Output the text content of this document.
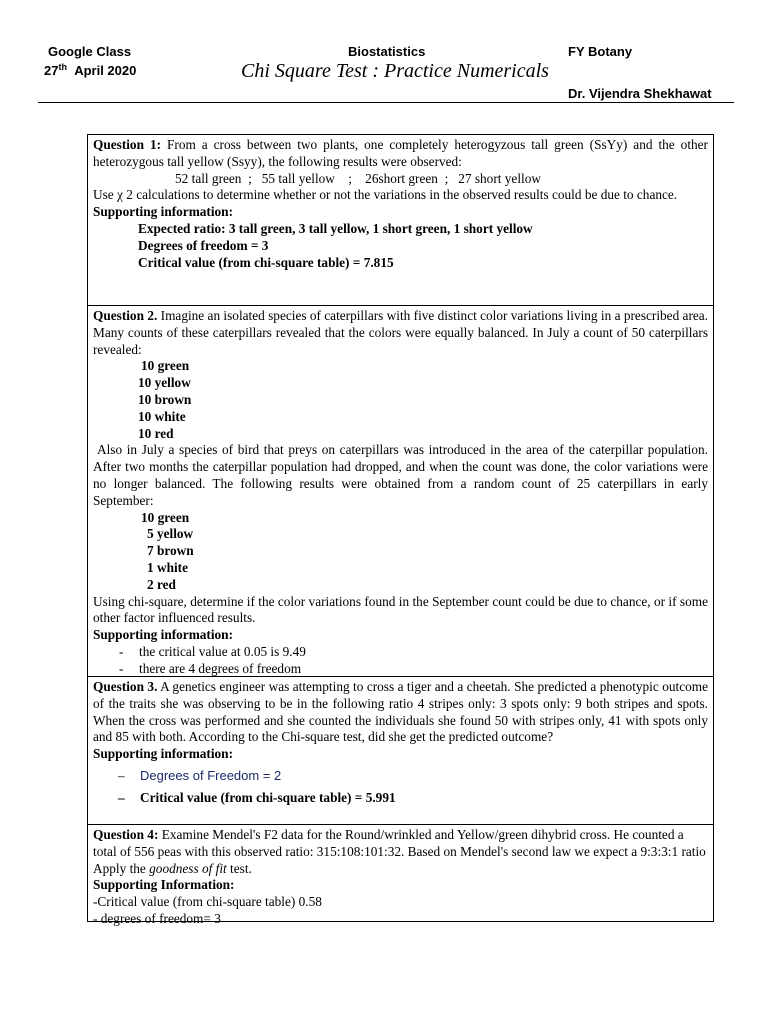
Google Class
27th April 2020
Biostatistics	FY Botany
Chi Square Test : Practice Numericals
Dr. Vijendra Shekhawat

Question 1: From a cross between two plants, one completely heterogyzous tall green (SsYy) and the other heterozygous tall yellow (Ssyy), the following results were observed:

52 tall green  ;   55 tall yellow    ;    26short green  ;   27 short yellow

Use χ 2 calculations to determine whether or not the variations in the observed results could be due to chance.

Supporting information:

Expected ratio: 3 tall green, 3 tall yellow, 1 short green, 1 short yellow

Degrees of freedom = 3

Critical value (from chi-square table) = 7.815

Question 2. Imagine an isolated species of caterpillars with five distinct color variations living in a prescribed area. Many counts of these caterpillars revealed that the colors were equally balanced. In July a count of 50 caterpillars revealed:

10 green

10 yellow

10 brown

10 white

10 red

Also in July a species of bird that preys on caterpillars was introduced in the area of the caterpillar population. After two months the caterpillar population had dropped, and when the count was done, the color variations were no longer balanced. The following results were obtained from a random count of 25 caterpillars in early September:

10 green

5 yellow

7 brown

1 white

2 red

Using chi-square, determine if the color variations found in the September count could be due to chance, or if some other factor influenced results.

Supporting information:

-	the critical value at 0.05 is 9.49
-	there are 4 degrees of freedom

Question 3. A genetics engineer was attempting to cross a tiger and a cheetah. She predicted a phenotypic outcome of the traits she was observing to be in the following ratio 4 stripes only: 3 spots only: 9 both stripes and spots. When the cross was performed and she counted the individuals she found 50 with stripes only, 41 with spots only and 85 with both. According to the Chi-square test, did she get the predicted outcome?

Supporting information:

–	Degrees of Freedom = 2
–	Critical value (from chi-square table) = 5.991

Question 4: Examine Mendel's F2 data for the Round/wrinkled and Yellow/green dihybrid cross. He counted a total of 556 peas with this observed ratio: 315:108:101:32. Based on Mendel's second law we expect a 9:3:3:1 ratio Apply the goodness of fit test.

Supporting Information:

-Critical value (from chi-square table) 0.58

- degrees of freedom= 3
